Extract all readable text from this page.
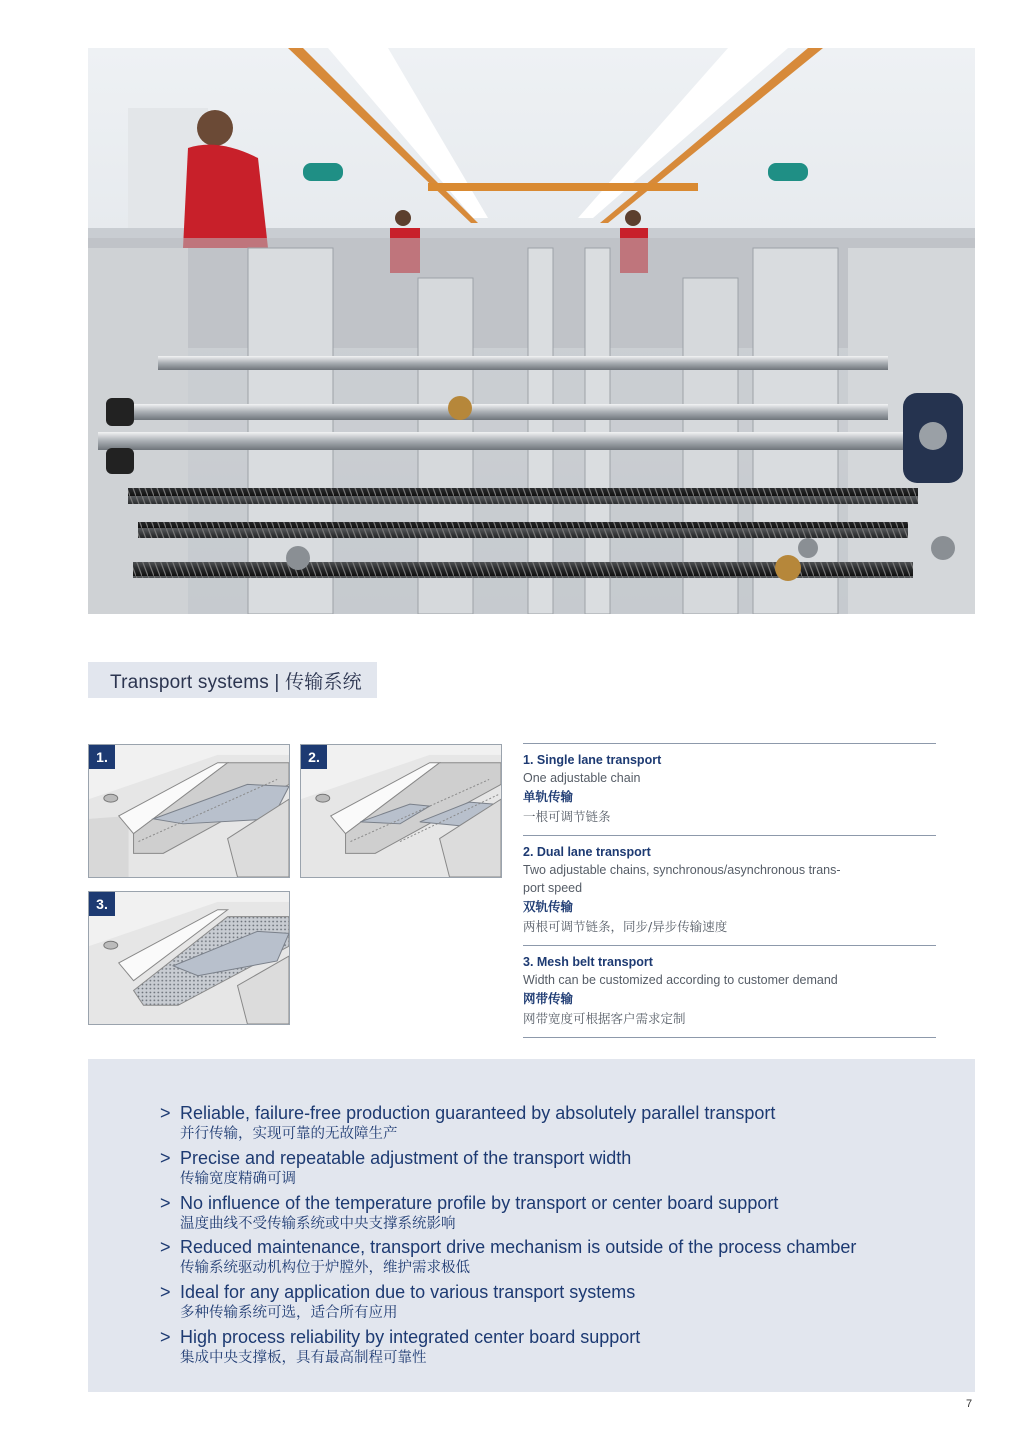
Transport systems | 传输系统
1.	2.
3.
1. Single lane transport
One adjustable chain
单轨传输
一根可调节链条
2. Dual lane transport
Two adjustable chains, synchronous/asynchronous trans-
port speed
双轨传输
两根可调节链条，同步/异步传输速度
3. Mesh belt transport
Width can be customized according to customer demand
网带传输
网带宽度可根据客户需求定制
> Reliable, failure-free production guaranteed by absolutely parallel transport
并行传输，实现可靠的无故障生产
> Precise and repeatable adjustment of the transport width
传输宽度精确可调
> No influence of the temperature profile by transport or center board support
温度曲线不受传输系统或中央支撑系统影响
> Reduced maintenance, transport drive mechanism is outside of the process chamber
传输系统驱动机构位于炉膛外，维护需求极低
> Ideal for any application due to various transport systems
多种传输系统可选，适合所有应用
> High process reliability by integrated center board support
集成中央支撑板，具有最高制程可靠性
7
